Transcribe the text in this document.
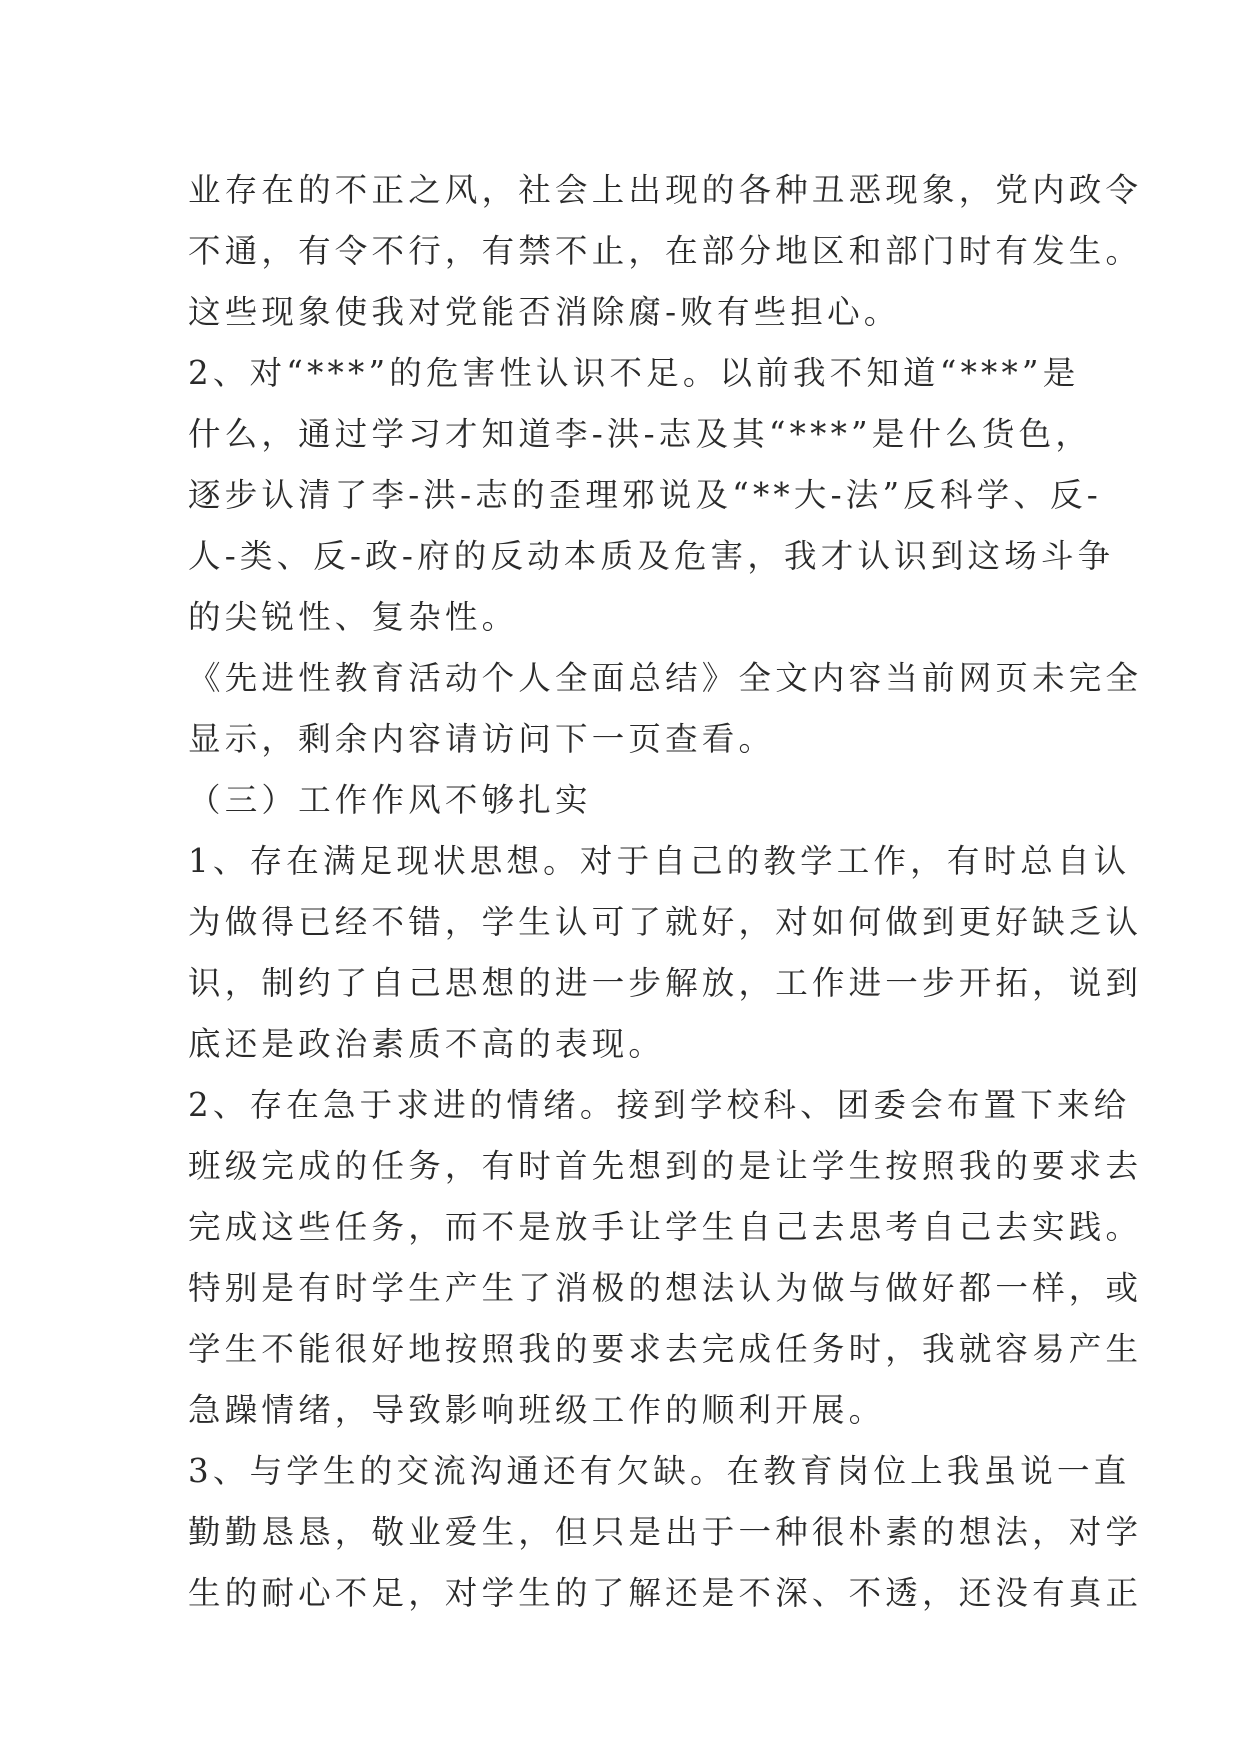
业存在的不正之风，社会上出现的各种丑恶现象，党内政令
不通，有令不行，有禁不止，在部分地区和部门时有发生。
这些现象使我对党能否消除腐-败有些担心。
2、对“***”的危害性认识不足。以前我不知道“***”是
什么，通过学习才知道李-洪-志及其“***”是什么货色，
逐步认清了李-洪-志的歪理邪说及“**大-法”反科学、反-
人-类、反-政-府的反动本质及危害，我才认识到这场斗争
的尖锐性、复杂性。
《先进性教育活动个人全面总结》全文内容当前网页未完全
显示，剩余内容请访问下一页查看。
（三）工作作风不够扎实
1、存在满足现状思想。对于自己的教学工作，有时总自认
为做得已经不错，学生认可了就好，对如何做到更好缺乏认
识，制约了自己思想的进一步解放，工作进一步开拓，说到
底还是政治素质不高的表现。
2、存在急于求进的情绪。接到学校科、团委会布置下来给
班级完成的任务，有时首先想到的是让学生按照我的要求去
完成这些任务，而不是放手让学生自己去思考自己去实践。
特别是有时学生产生了消极的想法认为做与做好都一样，或
学生不能很好地按照我的要求去完成任务时，我就容易产生
急躁情绪，导致影响班级工作的顺利开展。
3、与学生的交流沟通还有欠缺。在教育岗位上我虽说一直
勤勤恳恳，敬业爱生，但只是出于一种很朴素的想法，对学
生的耐心不足，对学生的了解还是不深、不透，还没有真正
